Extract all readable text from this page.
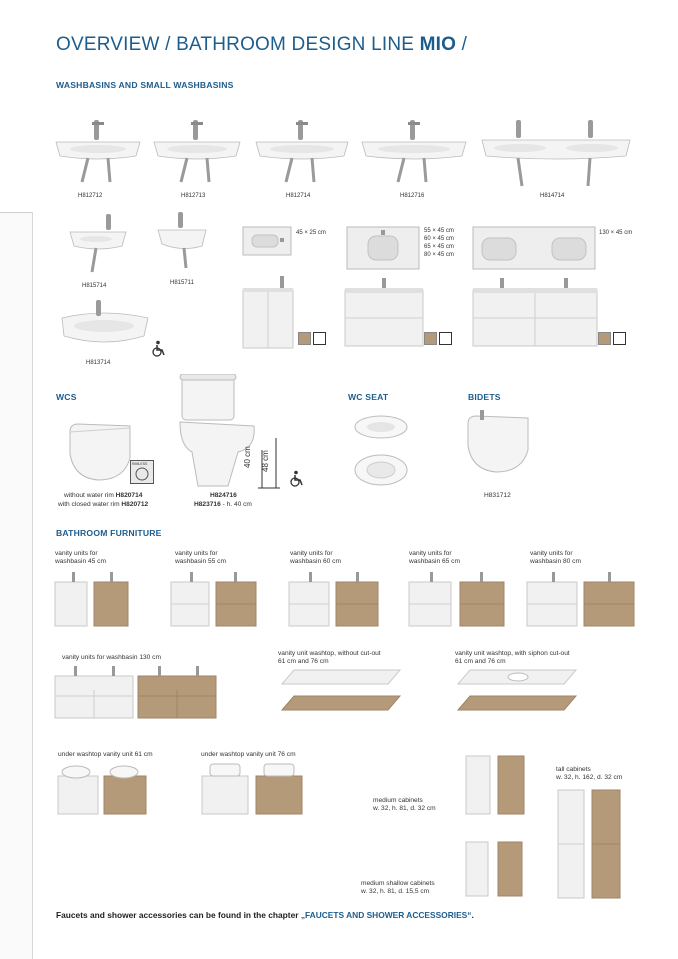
OVERVIEW / BATHROOM DESIGN LINE MIO /
WASHBASINS AND SMALL WASHBASINS
WCS	WC SEAT	BIDETS
BATHROOM FURNITURE
H812712	H812713	H812714	H812716	H814714
H815714	H815711
H813714
45 × 25 cm	55 × 45 cm
60 × 45 cm
65 × 45 cm
80 × 45 cm
130 × 45 cm
RIMLESS
without water rim H820714
with closed water rim H820712
40 cm 48 cm
H824716
H823716 - h. 40 cm
H831712
vanity units for
washbasin 45 cm
vanity units for
washbasin 55 cm
vanity units for
washbasin 60 cm
vanity units for
washbasin 65 cm
vanity units for
washbasin 80 cm
vanity units for washbasin 130 cm
vanity unit washtop, without cut-out
61 cm and 76 cm
vanity unit washtop, with siphon cut-out
61 cm and 76 cm
under washtop vanity unit 61 cm	under washtop vanity unit 76 cm
medium cabinets
w. 32, h. 81, d. 32 cm
medium shallow cabinets
w. 32, h. 81, d. 15,5 cm
tall cabinets
w. 32, h. 162, d. 32 cm
Faucets and shower accessories can be found in the chapter „FAUCETS AND SHOWER ACCESSORIES“.
